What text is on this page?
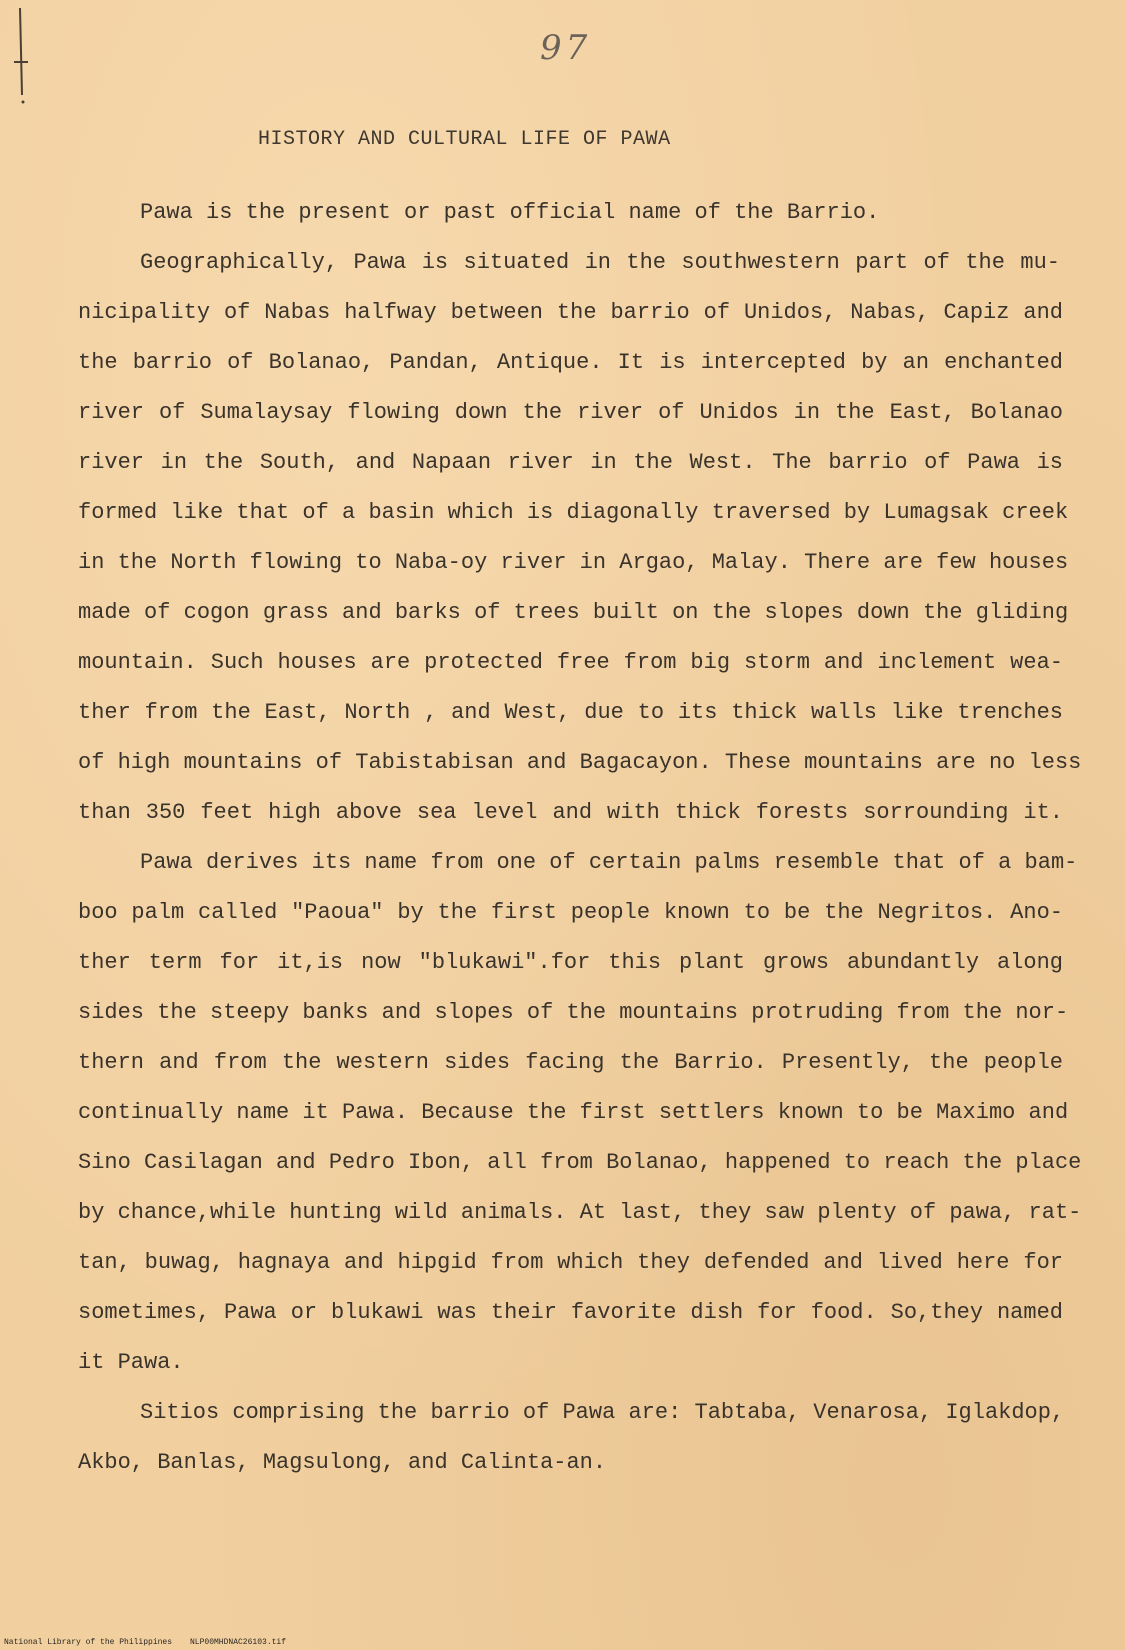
97
HISTORY AND CULTURAL LIFE OF PAWA
Pawa is the present or past official name of the Barrio.
Geographically, Pawa is situated in the southwestern part of the mu-
nicipality of Nabas halfway between the barrio of Unidos, Nabas, Capiz and
the barrio of Bolanao, Pandan, Antique. It is intercepted by an enchanted
river of Sumalaysay flowing down the river of Unidos in the East, Bolanao
river in the South, and Napaan river in the West. The barrio of Pawa is
formed like that of a basin which is diagonally traversed by Lumagsak creek
in the North flowing to Naba-oy river in Argao, Malay. There are few houses
made of cogon grass and barks of trees built on the slopes down the gliding
mountain. Such houses are protected free from big storm and inclement wea-
ther from the East, North , and West, due to its thick walls like trenches
of high mountains of Tabistabisan and Bagacayon. These mountains are no less
than 350 feet high above sea level and with thick forests sorrounding it.
Pawa derives its name from one of certain palms resemble that of a bam-
boo palm called "Paoua" by the first people known to be the Negritos. Ano-
ther term for it,is now "blukawi".for this plant grows abundantly along
sides the steepy banks and slopes of the mountains protruding from the nor-
thern and from the western sides facing the Barrio. Presently, the people
continually name it Pawa. Because the first settlers known to be Maximo and
Sino Casilagan and Pedro Ibon, all from Bolanao, happened to reach the place
by chance,while hunting wild animals. At last, they saw plenty of pawa, rat-
tan, buwag, hagnaya and hipgid from which they defended and lived here for
sometimes, Pawa or blukawi was their favorite dish for food. So,they named
it Pawa.
Sitios comprising the barrio of Pawa are: Tabtaba, Venarosa, Iglakdop,
Akbo, Banlas, Magsulong, and Calinta-an.
National Library of the Philippines NLP00MHDNAC26103.tif
